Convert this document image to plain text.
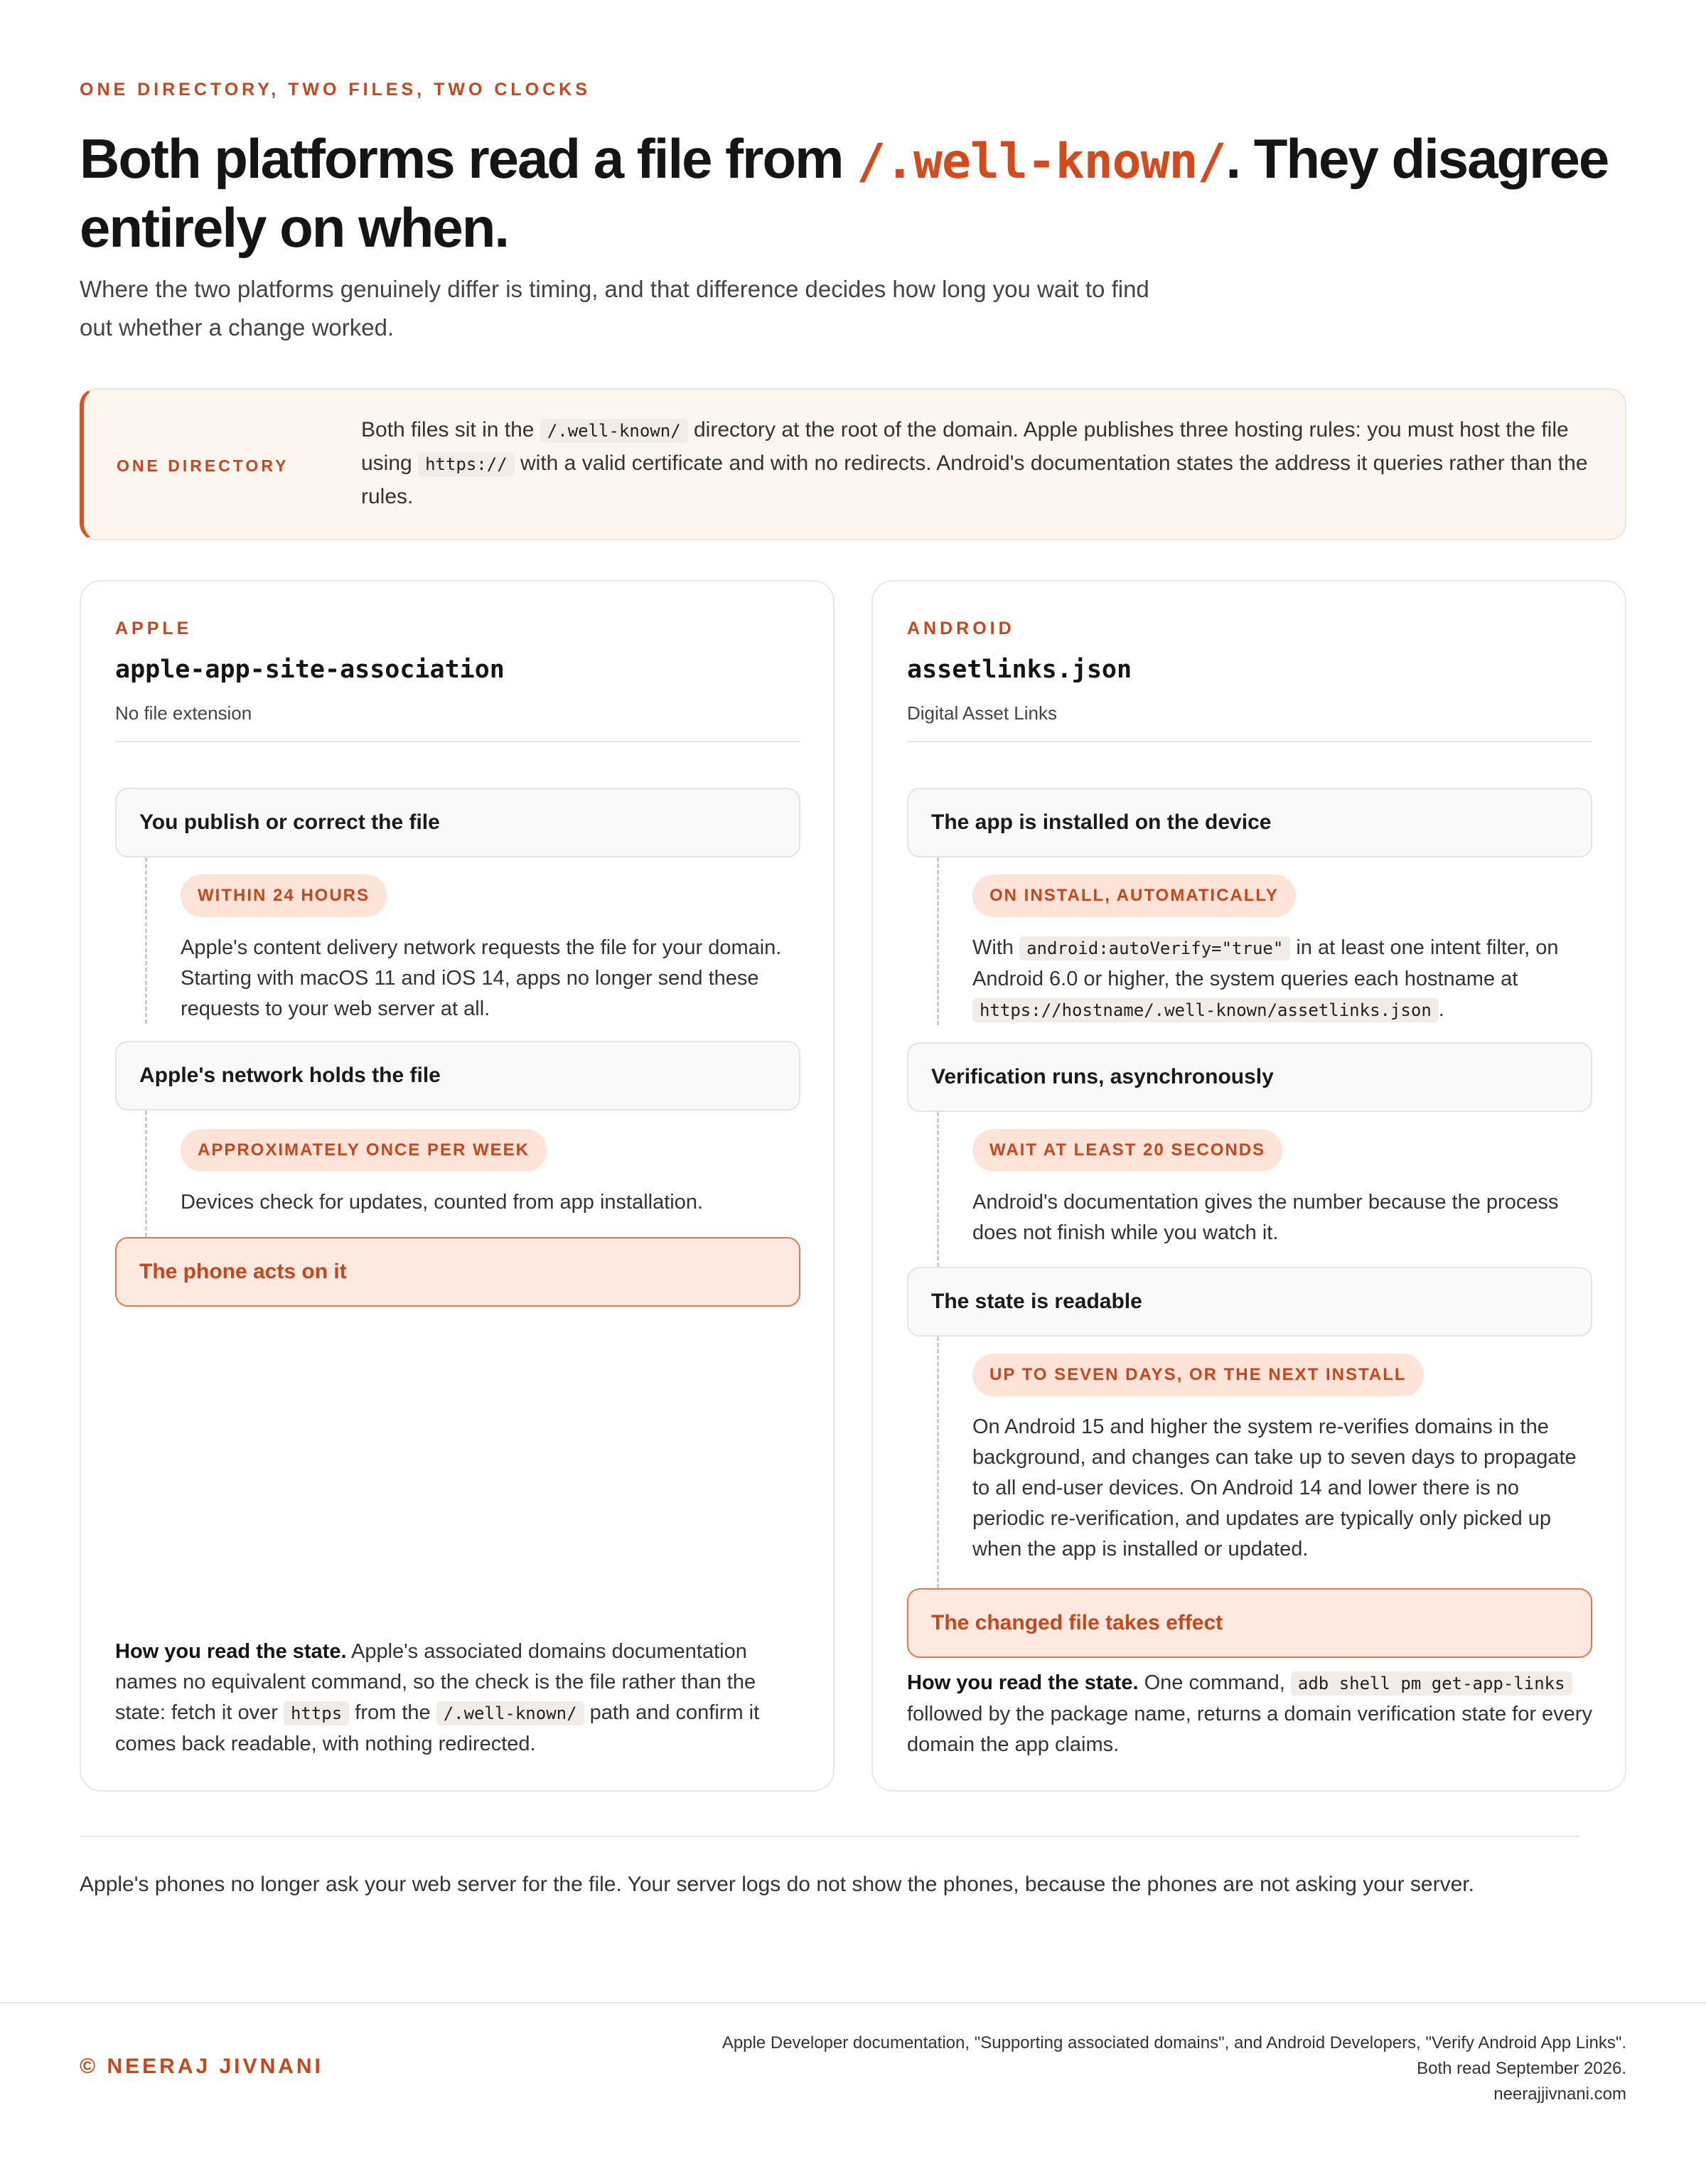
ONE DIRECTORY, TWO FILES, TWO CLOCKS
Both platforms read a file from /.well-known/. They disagree entirely on when.

Where the two platforms genuinely differ is timing, and that difference decides how long you wait to find out whether a change worked.

ONE DIRECTORY
Both files sit in the /.well-known/ directory at the root of the domain. Apple publishes three hosting rules: you must host the file using https:// with a valid certificate and with no redirects. Android's documentation states the address it queries rather than the rules.
APPLE
apple-app-site-association
No file extension
You publish or correct the file
WITHIN 24 HOURS
Apple's content delivery network requests the file for your domain. Starting with macOS 11 and iOS 14, apps no longer send these requests to your web server at all.
Apple's network holds the file
APPROXIMATELY ONCE PER WEEK
Devices check for updates, counted from app installation.
The phone acts on it
How you read the state. Apple's associated domains documentation names no equivalent command, so the check is the file rather than the state: fetch it over https from the /.well-known/ path and confirm it comes back readable, with nothing redirected.
ANDROID
assetlinks.json
Digital Asset Links
The app is installed on the device
ON INSTALL, AUTOMATICALLY
With android:autoVerify="true" in at least one intent filter, on Android 6.0 or higher, the system queries each hostname at https://hostname/.well-known/assetlinks.json .
Verification runs, asynchronously
WAIT AT LEAST 20 SECONDS
Android's documentation gives the number because the process does not finish while you watch it.
The state is readable
UP TO SEVEN DAYS, OR THE NEXT INSTALL
On Android 15 and higher the system re-verifies domains in the background, and changes can take up to seven days to propagate to all end-user devices. On Android 14 and lower there is no periodic re-verification, and updates are typically only picked up when the app is installed or updated.
The changed file takes effect
How you read the state. One command, adb shell pm get-app-links followed by the package name, returns a domain verification state for every domain the app claims.

Apple's phones no longer ask your web server for the file. Your server logs do not show the phones, because the phones are not asking your server.

© NEERAJ JIVNANI
Apple Developer documentation, "Supporting associated domains", and Android Developers, "Verify Android App Links".
Both read September 2026.
neerajjivnani.com
